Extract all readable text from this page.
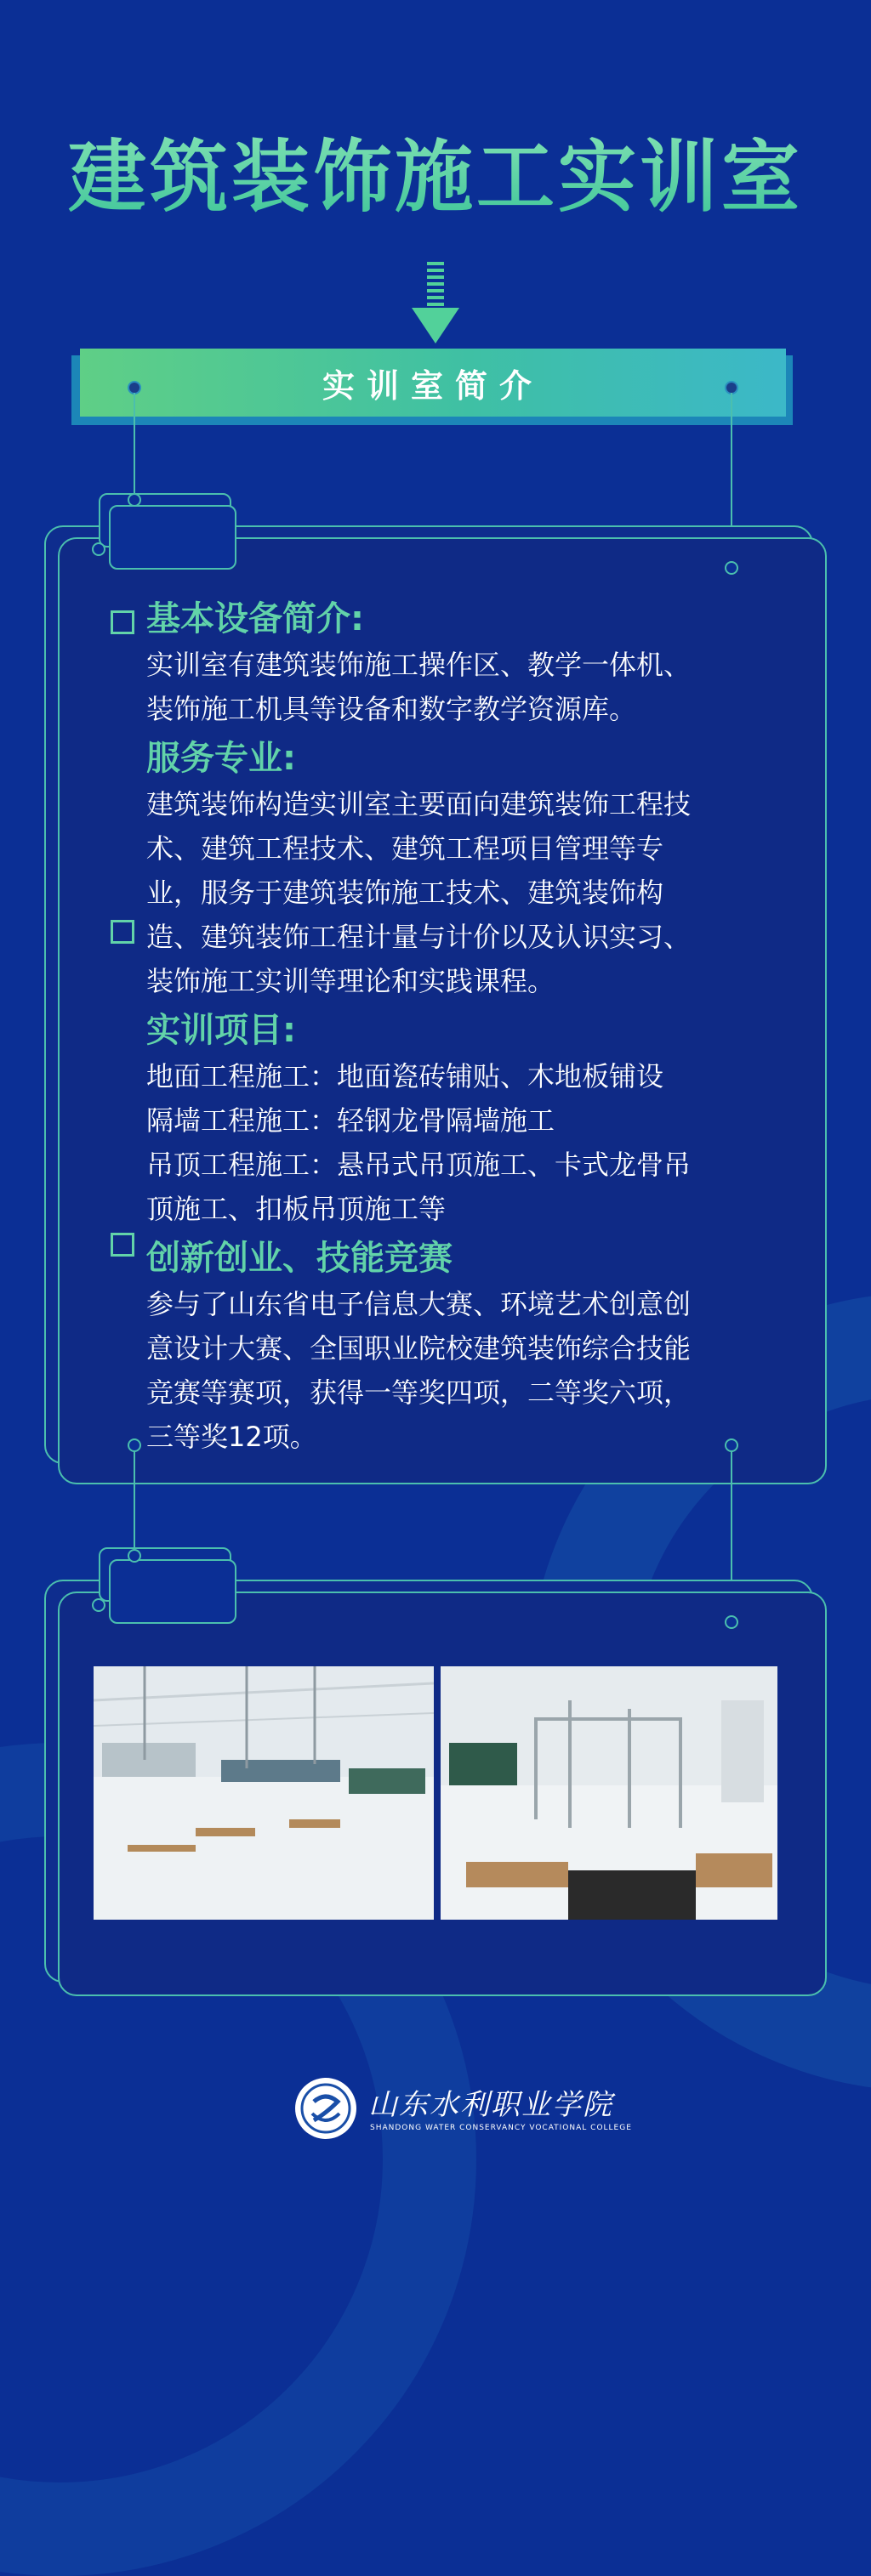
建筑装饰施工实训室
实训室简介

基本设备简介:

实训室有建筑装饰施工操作区、教学一体机、

装饰施工机具等设备和数字教学资源库。

服务专业:

建筑装饰构造实训室主要面向建筑装饰工程技

术、建筑工程技术、建筑工程项目管理等专

业，服务于建筑装饰施工技术、建筑装饰构

造、建筑装饰工程计量与计价以及认识实习、

装饰施工实训等理论和实践课程。

实训项目:

地面工程施工：地面瓷砖铺贴、木地板铺设

隔墙工程施工：轻钢龙骨隔墙施工

吊顶工程施工：悬吊式吊顶施工、卡式龙骨吊

顶施工、扣板吊顶施工等

创新创业、技能竞赛

参与了山东省电子信息大赛、环境艺术创意创

意设计大赛、全国职业院校建筑装饰综合技能

竞赛等赛项，获得一等奖四项，二等奖六项，

三等奖12项。

山东水利职业学院
SHANDONG WATER CONSERVANCY VOCATIONAL COLLEGE
